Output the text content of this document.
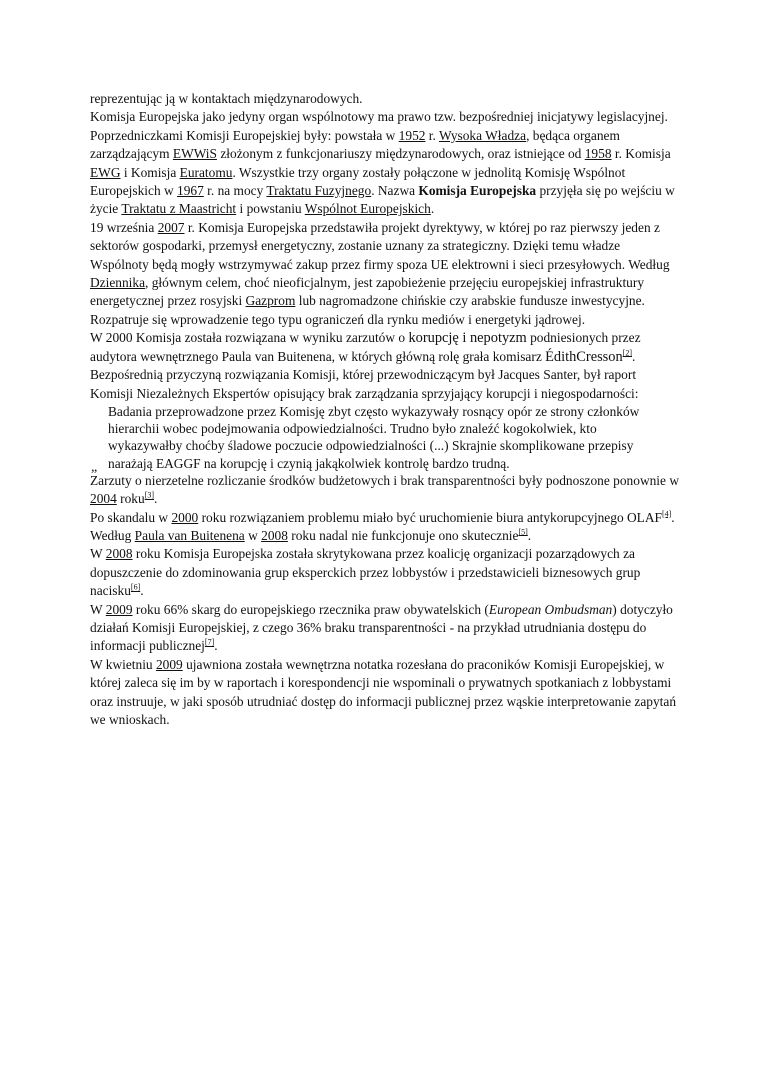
reprezentując ją w kontaktach międzynarodowych.

Komisja Europejska jako jedyny organ wspólnotowy ma prawo tzw. bezpośredniej inicjatywy legislacyjnej.

Poprzedniczkami Komisji Europejskiej były: powstała w 1952 r. Wysoka Władza, będąca organem zarządzającym EWWiS złożonym z funkcjonariuszy międzynarodowych, oraz istniejące od 1958 r. Komisja EWG i Komisja Euratomu. Wszystkie trzy organy zostały połączone w jednolitą Komisję Wspólnot Europejskich w 1967 r. na mocy Traktatu Fuzyjnego. Nazwa Komisja Europejska przyjęła się po wejściu w życie Traktatu z Maastricht i powstaniu Wspólnot Europejskich.

19 września 2007 r. Komisja Europejska przedstawiła projekt dyrektywy, w której po raz pierwszy jeden z sektorów gospodarki, przemysł energetyczny, zostanie uznany za strategiczny. Dzięki temu władze Wspólnoty będą mogły wstrzymywać zakup przez firmy spoza UE elektrowni i sieci przesyłowych. Według Dziennika, głównym celem, choć nieoficjalnym, jest zapobieżenie przejęciu europejskiej infrastruktury energetycznej przez rosyjski Gazprom lub nagromadzone chińskie czy arabskie fundusze inwestycyjne. Rozpatruje się wprowadzenie tego typu ograniczeń dla rynku mediów i energetyki jądrowej.

W 2000 Komisja została rozwiązana w wyniku zarzutów o korupcję i nepotyzm podniesionych przez audytora wewnętrznego Paula van Buitenena, w których główną rolę grała komisarz ÉdithCresson[2]. Bezpośrednią przyczyną rozwiązania Komisji, której przewodniczącym był Jacques Santer, był raport Komisji Niezależnych Ekspertów opisujący brak zarządzania sprzyjający korupcji i niegospodarności:

Badania przeprowadzone przez Komisję zbyt często wykazywały rosnący opór ze strony członków hierarchii wobec podejmowania odpowiedzialności. Trudno było znaleźć kogokolwiek, kto wykazywałby choćby śladowe poczucie odpowiedzialności (...) Skrajnie skomplikowane przepisy narażają EAGGF na korupcję i czynią jakąkolwiek kontrolę bardzo trudną.
„

Zarzuty o nierzetelne rozliczanie środków budżetowych i brak transparentności były podnoszone ponownie w 2004 roku[3].

Po skandalu w 2000 roku rozwiązaniem problemu miało być uruchomienie biura antykorupcyjnego OLAF[4]. Według Paula van Buitenena w 2008 roku nadal nie funkcjonuje ono skutecznie[5].

W 2008 roku Komisja Europejska została skrytykowana przez koalicję organizacji pozarządowych za dopuszczenie do zdominowania grup eksperckich przez lobbystów i przedstawicieli biznesowych grup nacisku[6].

W 2009 roku 66% skarg do europejskiego rzecznika praw obywatelskich (European Ombudsman) dotyczyło działań Komisji Europejskiej, z czego 36% braku transparentności - na przykład utrudniania dostępu do informacji publicznej[7].

W kwietniu 2009 ujawniona została wewnętrzna notatka rozesłana do praconików Komisji Europejskiej, w której zaleca się im by w raportach i korespondencji nie wspominali o prywatnych spotkaniach z lobbystami oraz instruuje, w jaki sposób utrudniać dostęp do informacji publicznej przez wąskie interpretowanie zapytań we wnioskach.
